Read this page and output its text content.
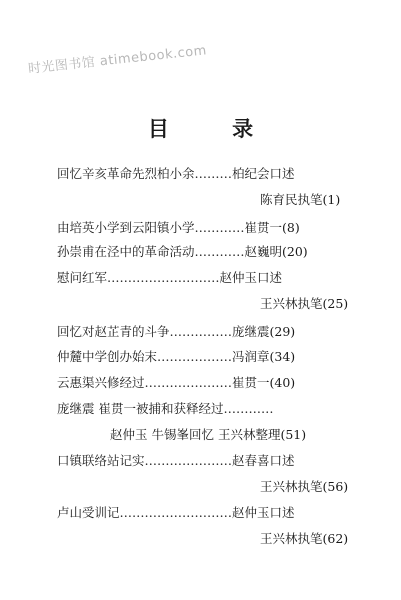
时光图书馆 atimebook.com
目 录
回忆辛亥革命先烈柏小余………柏纪会口述
陈育民执笔(1)
由培英小学到云阳镇小学…………崔贯一(8)
孙崇甫在泾中的革命活动…………赵巍明(20)
慰问红军………………………赵仲玉口述
王兴林执笔(25)
回忆对赵芷青的斗争……………庞继震(29)
仲麓中学创办始末………………冯润章(34)
云惠渠兴修经过…………………崔贯一(40)
庞继震 崔贯一被捕和获释经过…………
赵仲玉 牛锡峯回忆 王兴林整理(51)
口镇联络站记实…………………赵春喜口述
王兴林执笔(56)
卢山受训记………………………赵仲玉口述
王兴林执笔(62)
